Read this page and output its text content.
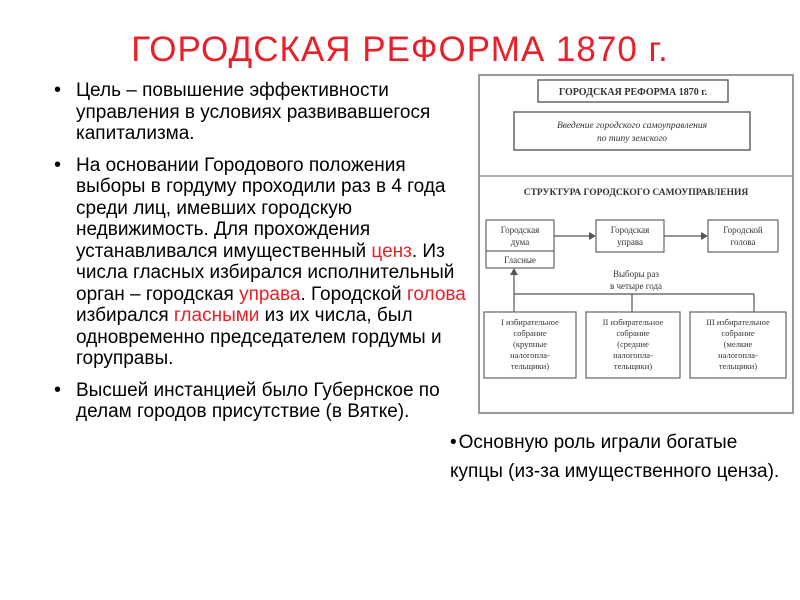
ГОРОДСКАЯ РЕФОРМА 1870 г.
• Цель – повышение эффективности управления в условиях развивавшегося капитализма.
• На основании Городового положения выборы в гордуму проходили раз в 4 года среди лиц, имевших городскую недвижимость. Для прохождения устанавливался имущественный ценз. Из числа гласных избирался исполнительный орган – городская управа. Городской голова избирался гласными из их числа, был одновременно председателем гордумы и горуправы.
• Высшей инстанцией было Губернское по делам городов присутствие (в Вятке).
ГОРОДСКАЯ РЕФОРМА 1870 г.
Введение городского самоуправления
по типу земского
СТРУКТУРА ГОРОДСКОГО САМОУПРАВЛЕНИЯ
Городская
дума
Гласные
Городская
управа
Городской
голова
Выборы раз
в четыре года
I избирательное
собрание
(крупные
налогопла-
тельщики)
II избирательное
собрание
(средние
налогопла-
тельщики)
III избирательное
собрание
(мелкие
налогопла-
тельщики)
• Основную роль играли богатые купцы (из-за имущественного ценза).
